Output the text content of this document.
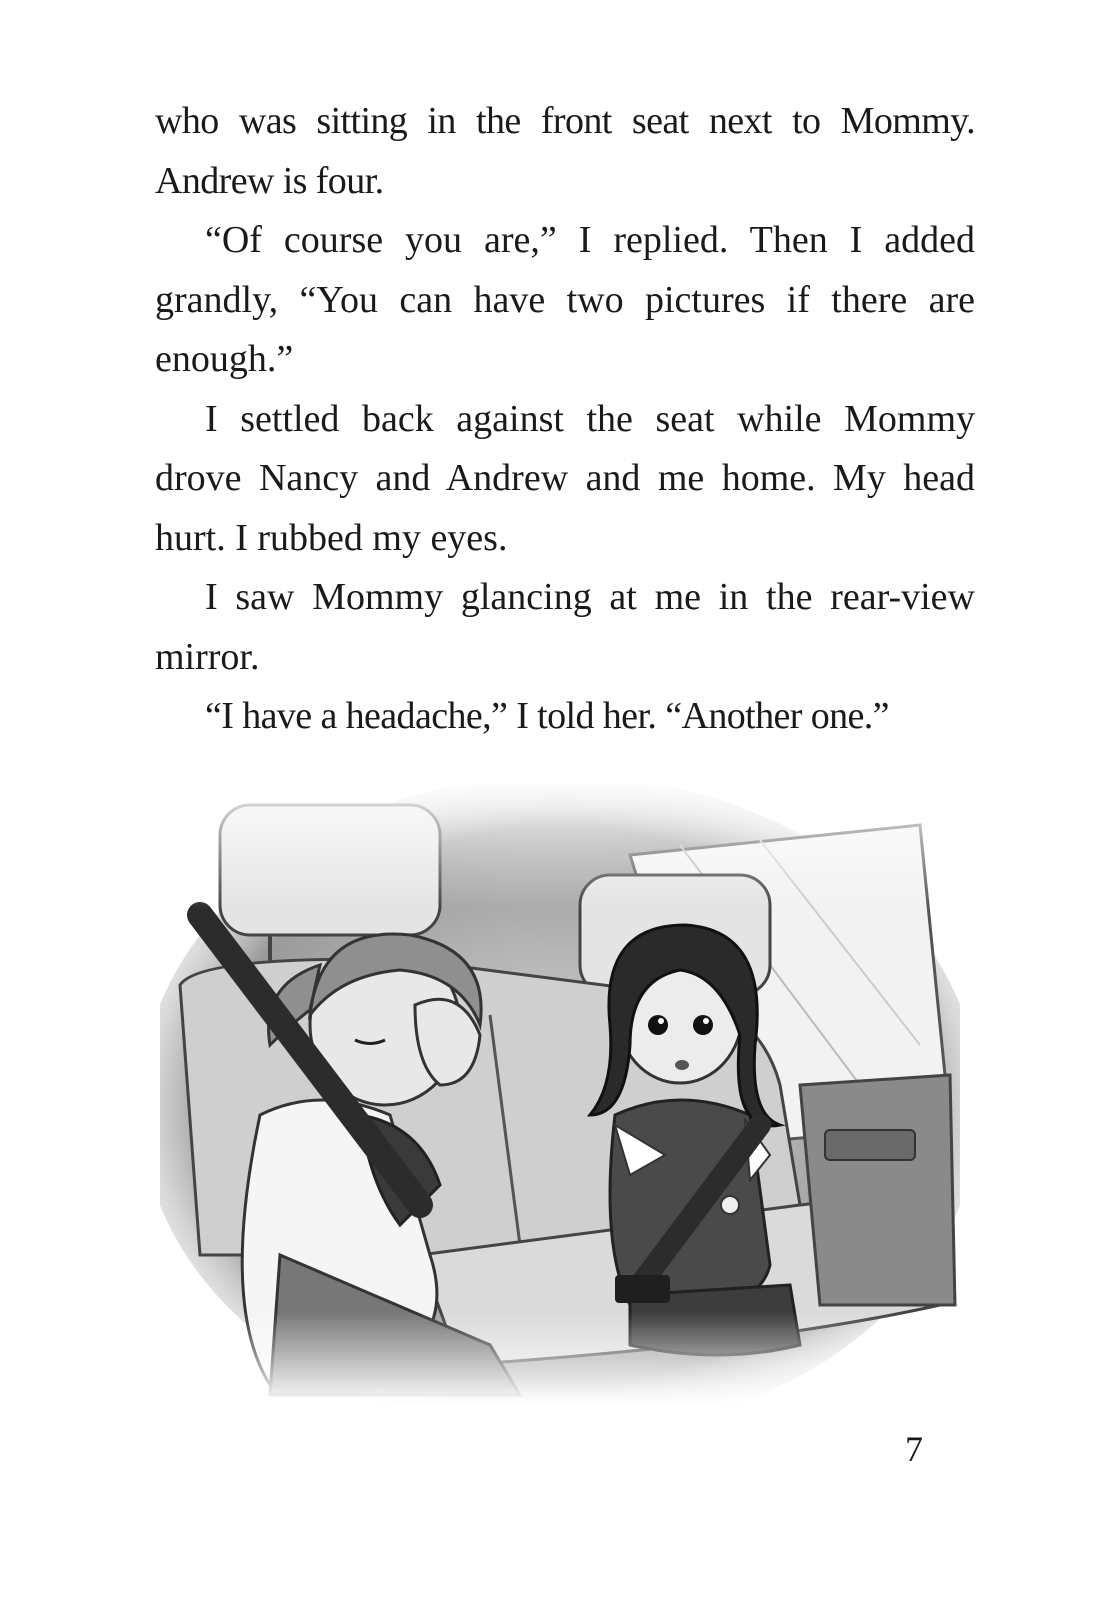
who was sitting in the front seat next to Mommy. Andrew is four.

“Of course you are,” I replied. Then I added grandly, “You can have two pictures if there are enough.”

I settled back against the seat while Mommy drove Nancy and Andrew and me home. My head hurt. I rubbed my eyes.

I saw Mommy glancing at me in the rear-view mirror.

“I have a headache,” I told her. “Another one.”

7
